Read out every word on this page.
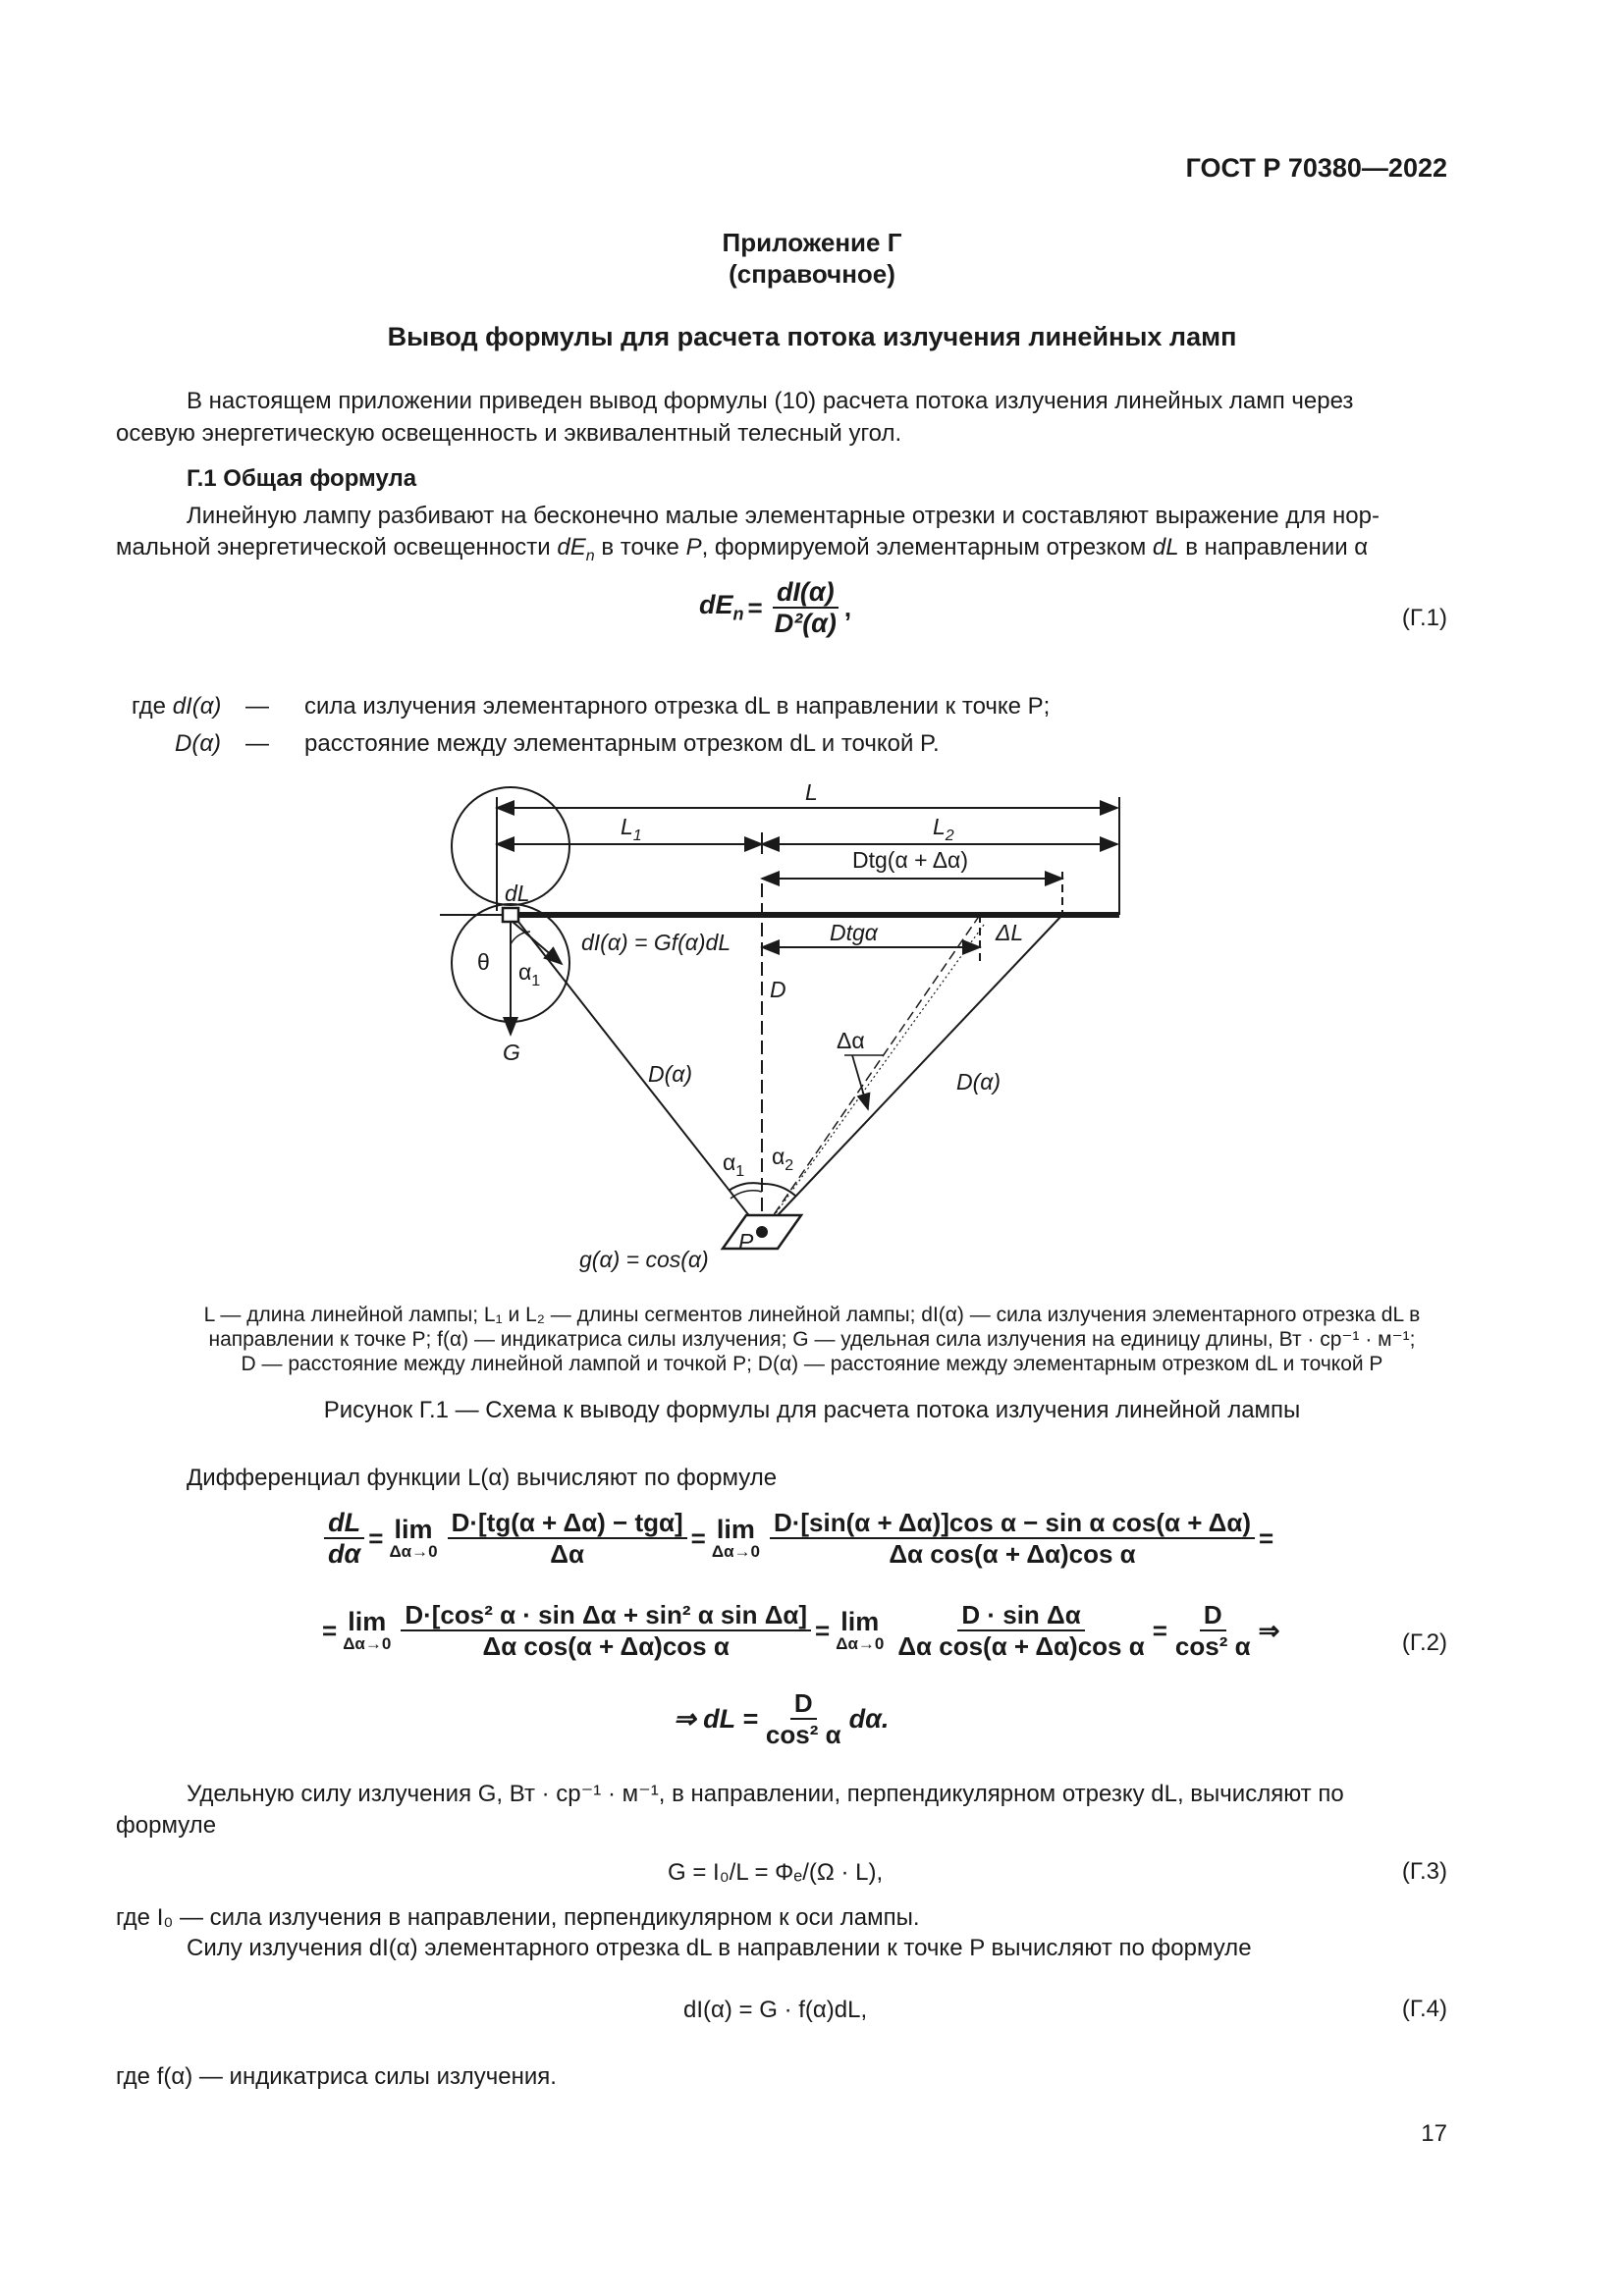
ГОСТ Р 70380—2022
Приложение Г
(справочное)
Вывод формулы для расчета потока излучения линейных ламп
В настоящем приложении приведен вывод формулы (10) расчета потока излучения линейных ламп через
осевую энергетическую освещенность и эквивалентный телесный угол.
Г.1 Общая формула
Линейную лампу разбивают на бесконечно малые элементарные отрезки и составляют выражение для нор-
мальной энергетической освещенности $dE_n$ в точке P, формируемой элементарным отрезком dL в направлении α
$dE_n = \frac{dI(\alpha)}{\text{D²(α)}}$ ,	(Г.1)
где dI(α) — сила излучения элементарного отрезка dL в направлении к точке P;
D(α) — расстояние между элементарным отрезком dL и точкой P.
L
$L_1$	$L_2$
Dtg(α + Δα)
dL
dI(α) = Gf(α)dL	Dtgα	ΔL
θ $\alpha_1$	D
G
D(α)
Δα
D(α)
$\alpha_1$
$\alpha_2$
P
g(α) = cos(α)
L — длина линейной лампы; L₁ и L₂ — длины сегментов линейной лампы; dI(α) — сила излучения элементарного отрезка dL в
направлении к точке P; f(α) — индикатриса силы излучения; G — удельная сила излучения на единицу длины, Вт · ср⁻¹ · м⁻¹;
D — расстояние между линейной лампой и точкой P; D(α) — расстояние между элементарным отрезком dL и точкой P
Рисунок Г.1 — Схема к выводу формулы для расчета потока излучения линейной лампы
Дифференциал функции L(α) вычисляют по формуле
$\frac{dL}{d\alpha} = \lim$
$\Delta\alpha\to 0 \frac{\text{D·[tg(α + Δα) − tgα]}}{\Delta\alpha} = \lim$
$\Delta\alpha\to 0 \frac{\text{D·[sin(α + Δα)]cos α − sin α cos(α + Δα)}}{\text{Δα cos(α + Δα)cos α}}$ =
= lim
$\Delta\alpha\to 0 \frac{\text{D·[cos² α · sin Δα + sin² α sin Δα]}}{\text{Δα cos(α + Δα)cos α}} = \lim$
$\Delta\alpha\to 0 \frac{\text{D · sin Δα}}{\text{Δα cos(α + Δα)cos α}} = \frac{D}{\text{cos² α}}$ ⇒	(Г.2)
⇒ dL = $\frac{D}{\text{cos² α}} d\alpha$.
Удельную силу излучения G, Вт · ср⁻¹ · м⁻¹, в направлении, перпендикулярном отрезку dL, вычисляют по
формуле
G = I₀/L = Φₑ/(Ω · L),	(Г.3)
где I₀ — сила излучения в направлении, перпендикулярном к оси лампы.
Силу излучения dI(α) элементарного отрезка dL в направлении к точке P вычисляют по формуле
dI(α) = G · f(α)dL,	(Г.4)
где f(α) — индикатриса силы излучения.
17
